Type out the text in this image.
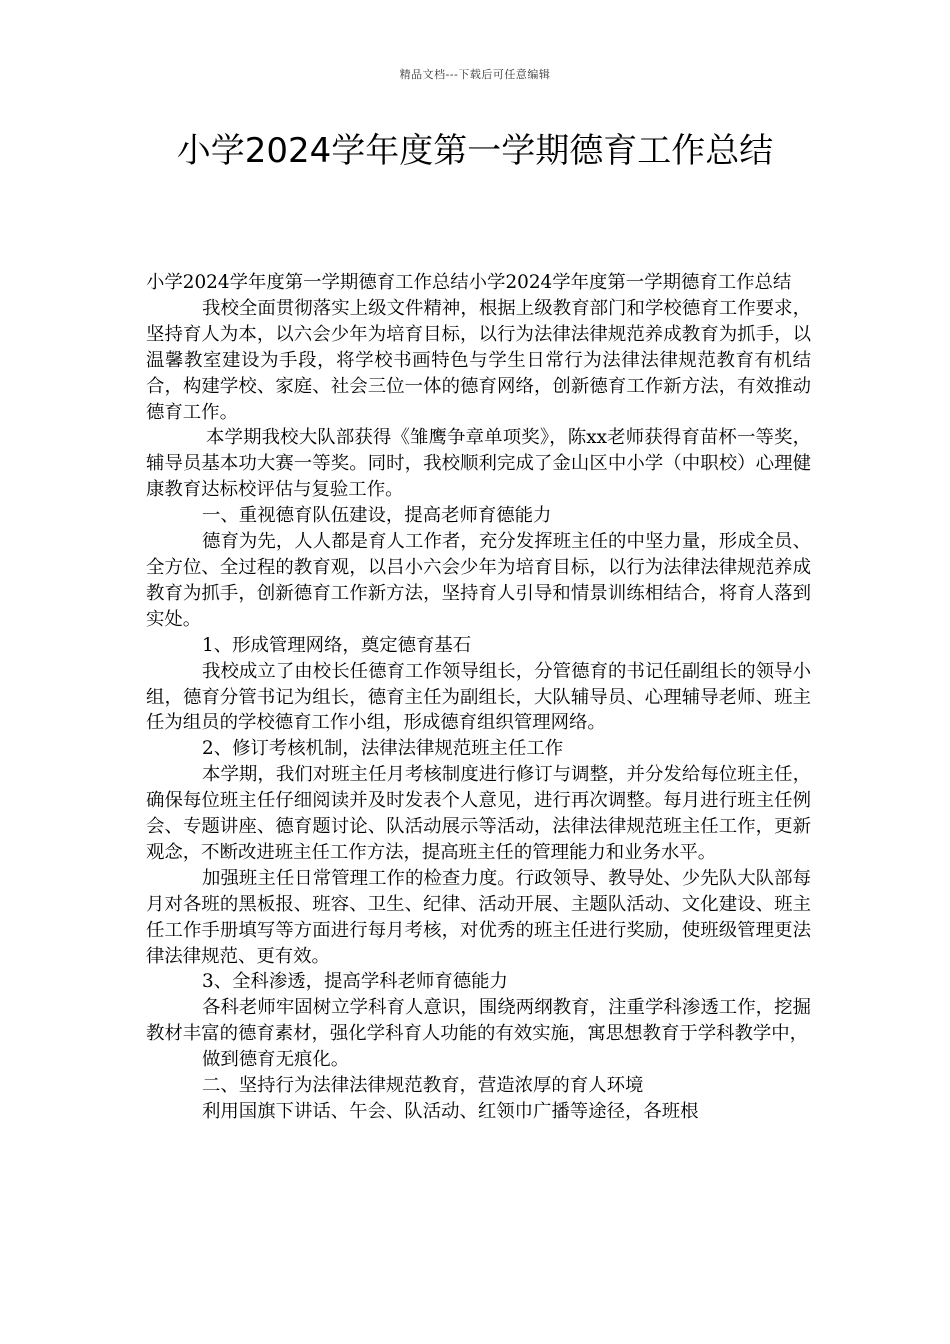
精品文档---下载后可任意编辑
小学2024学年度第一学期德育工作总结

小学2024学年度第一学期德育工作总结小学2024学年度第一学期德育工作总结

我校全面贯彻落实上级文件精神，根据上级教育部门和学校德育工作要求，坚持育人为本，以六会少年为培育目标，以行为法律法律规范养成教育为抓手，以温馨教室建设为手段，将学校书画特色与学生日常行为法律法律规范教育有机结合，构建学校、家庭、社会三位一体的德育网络，创新德育工作新方法，有效推动德育工作。

本学期我校大队部获得《雏鹰争章单项奖》，陈xx老师获得育苗杯一等奖，辅导员基本功大赛一等奖。同时，我校顺利完成了金山区中小学（中职校）心理健康教育达标校评估与复验工作。

一、重视德育队伍建设，提高老师育德能力

德育为先，人人都是育人工作者，充分发挥班主任的中坚力量，形成全员、全方位、全过程的教育观，以吕小六会少年为培育目标，以行为法律法律规范养成教育为抓手，创新德育工作新方法，坚持育人引导和情景训练相结合，将育人落到实处。

1、形成管理网络，奠定德育基石

我校成立了由校长任德育工作领导组长，分管德育的书记任副组长的领导小组，德育分管书记为组长，德育主任为副组长，大队辅导员、心理辅导老师、班主任为组员的学校德育工作小组，形成德育组织管理网络。

2、修订考核机制，法律法律规范班主任工作

本学期，我们对班主任月考核制度进行修订与调整，并分发给每位班主任，确保每位班主任仔细阅读并及时发表个人意见，进行再次调整。每月进行班主任例会、专题讲座、德育题讨论、队活动展示等活动，法律法律规范班主任工作，更新观念，不断改进班主任工作方法，提高班主任的管理能力和业务水平。

加强班主任日常管理工作的检查力度。行政领导、教导处、少先队大队部每月对各班的黑板报、班容、卫生、纪律、活动开展、主题队活动、文化建设、班主任工作手册填写等方面进行每月考核，对优秀的班主任进行奖励，使班级管理更法律法律规范、更有效。

3、全科渗透，提高学科老师育德能力

各科老师牢固树立学科育人意识，围绕两纲教育，注重学科渗透工作，挖掘教材丰富的德育素材，强化学科育人功能的有效实施，寓思想教育于学科教学中，

做到德育无痕化。

二、坚持行为法律法律规范教育，营造浓厚的育人环境

利用国旗下讲话、午会、队活动、红领巾广播等途径，各班根
